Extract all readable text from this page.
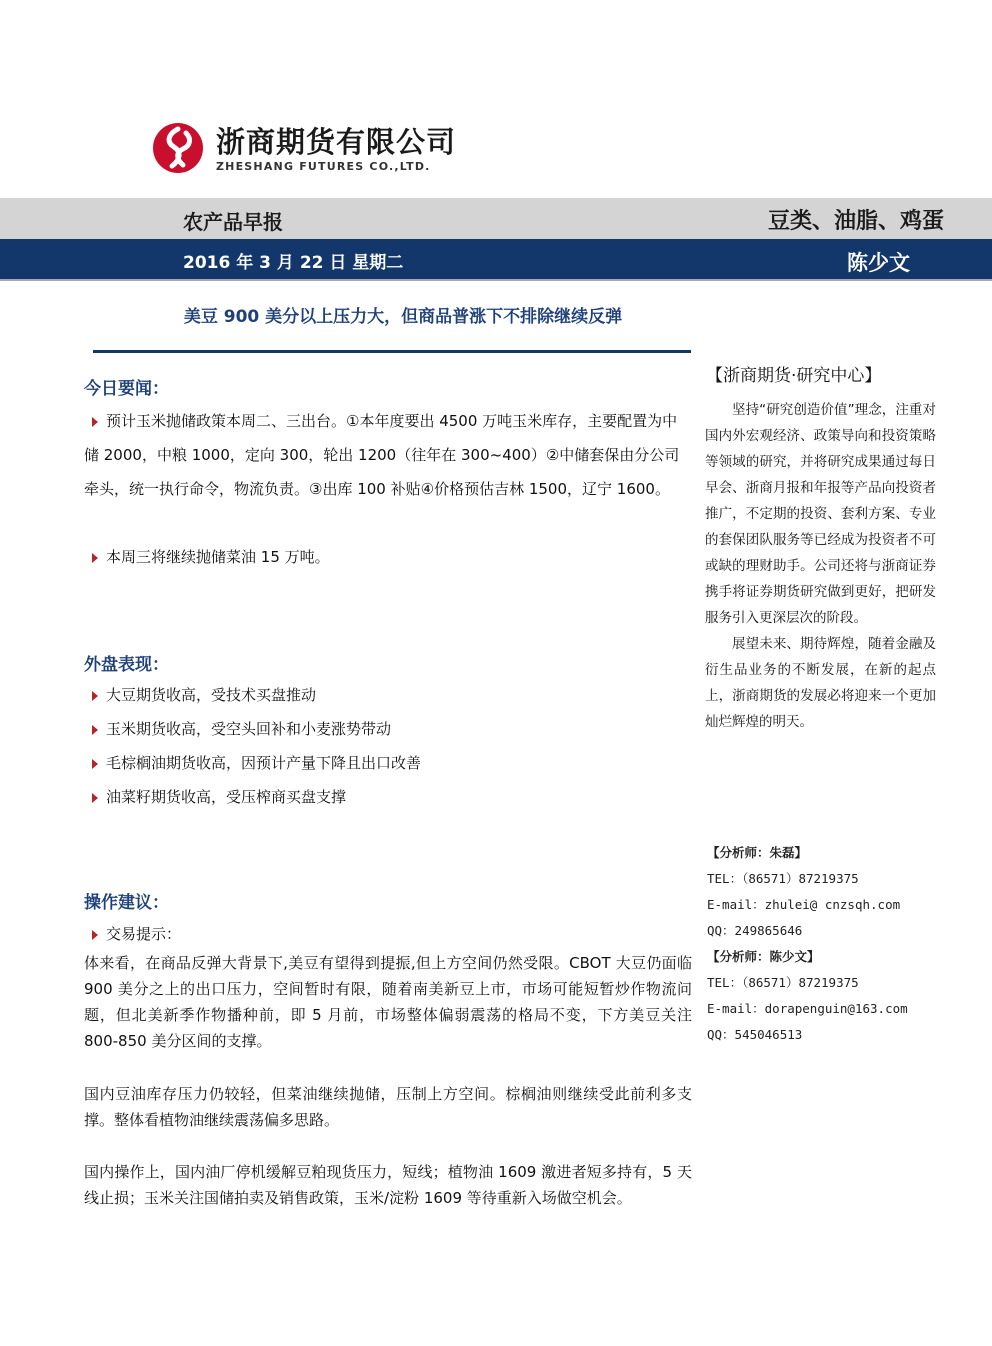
浙商期货有限公司
ZHESHANG FUTURES CO.,LTD.
农产品早报	豆类、油脂、鸡蛋
2016 年 3 月 22 日 星期二	陈少文
美豆 900 美分以上压力大，但商品普涨下不排除继续反弹
今日要闻：
预计玉米抛储政策本周二、三出台。①本年度要出 4500 万吨玉米库存，主要配置为中储 2000，中粮 1000，定向 300，轮出 1200（往年在 300~400）②中储套保由分公司牵头，统一执行命令，物流负责。③出库 100 补贴④价格预估吉林 1500，辽宁 1600。
本周三将继续抛储菜油 15 万吨。
外盘表现：
大豆期货收高，受技术买盘推动
玉米期货收高，受空头回补和小麦涨势带动
毛棕榈油期货收高，因预计产量下降且出口改善
油菜籽期货收高，受压榨商买盘支撑
操作建议：
交易提示：
体来看，在商品反弹大背景下,美豆有望得到提振,但上方空间仍然受限。CBOT 大豆仍面临900 美分之上的出口压力，空间暂时有限，随着南美新豆上市，市场可能短暂炒作物流问题，但北美新季作物播种前，即 5 月前，市场整体偏弱震荡的格局不变，下方美豆关注 800-850 美分区间的支撑。
国内豆油库存压力仍较轻，但菜油继续抛储，压制上方空间。棕榈油则继续受此前利多支撑。整体看植物油继续震荡偏多思路。
国内操作上，国内油厂停机缓解豆粕现货压力，短线；植物油 1609 激进者短多持有，5 天线止损；玉米关注国储拍卖及销售政策，玉米/淀粉 1609 等待重新入场做空机会。
【浙商期货·研究中心】

坚持“研究创造价值”理念，注重对国内外宏观经济、政策导向和投资策略等领域的研究，并将研究成果通过每日早会、浙商月报和年报等产品向投资者推广，不定期的投资、套利方案、专业的套保团队服务等已经成为投资者不可或缺的理财助手。公司还将与浙商证券携手将证券期货研究做到更好，把研发服务引入更深层次的阶段。

展望未来、期待辉煌，随着金融及衍生品业务的不断发展，在新的起点上，浙商期货的发展必将迎来一个更加灿烂辉煌的明天。

【分析师：朱磊】
TEL：（86571）87219375
E-mail：zhulei@ cnzsqh.com
QQ：249865646
【分析师：陈少文】
TEL：（86571）87219375
E-mail：dorapenguin@163.com
QQ：545046513
